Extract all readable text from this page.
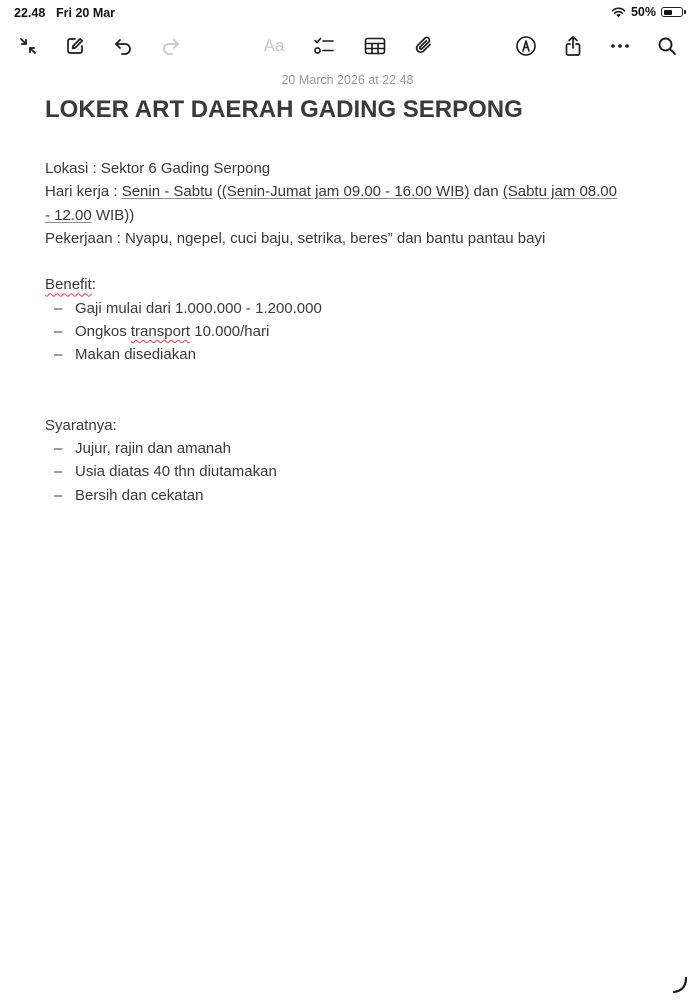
22.48 Fri 20 Mar	50%
Aa
20 March 2026 at 22.48
LOKER ART DAERAH GADING SERPONG
Lokasi : Sektor 6 Gading Serpong
Hari kerja : Senin - Sabtu ((Senin-Jumat jam 09.00 - 16.00 WIB) dan (Sabtu jam 08.00 - 12.00 WIB))
Pekerjaan : Nyapu, ngepel, cuci baju, setrika, beres” dan bantu pantau bayi
Benefit:
– Gaji mulai dari 1.000.000 - 1.200.000
– Ongkos transport 10.000/hari
– Makan disediakan
Syaratnya:
– Jujur, rajin dan amanah
– Usia diatas 40 thn diutamakan
– Bersih dan cekatan
